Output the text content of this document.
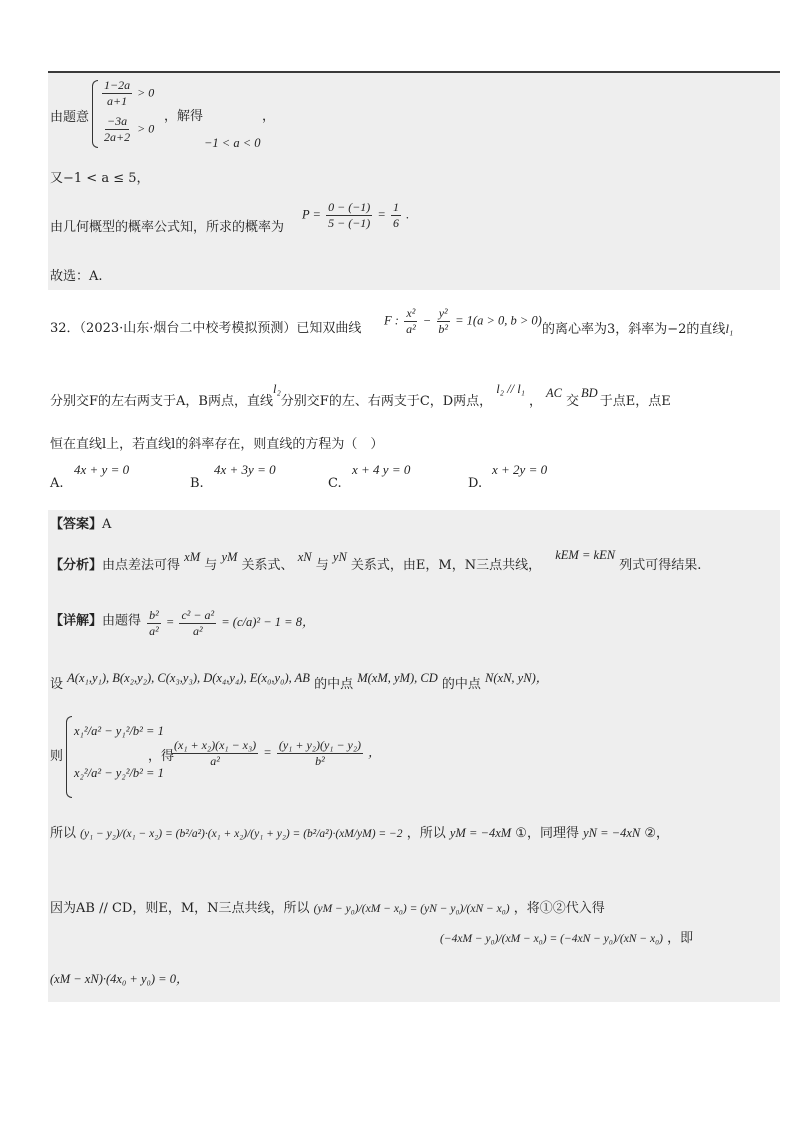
由题意
$\frac{1-2a}{a+1} > 0$
$\frac{-3a}{2a+2} > 0$
，解得	，
−1 < a < 0
又−1 < a ≤ 5，
由几何概型的概率公式知，所求的概率为
$P = \frac{0 - (-1)}{5 - (-1)} = \frac{1}{6}$ .
故选：A.
32．（2023·山东·烟台二中校考模拟预测）已知双曲线
F : $\frac{\text{x²}}{\text{a²}} - \frac{\text{y²}}{\text{b²}} = 1(a > 0$, b > 0)
的离心率为3，斜率为−2的直线l₁
分别交F的左右两支于A，B两点，直线l₂分别交F的左、右两支于C，D两点，l₂ // l₁，AC交BD于点E，点E
恒在直线l上，若直线l的斜率存在，则直线的方程为（　）
A.
4x + y = 0
B.
4x + 3y = 0
C.
x + 4 y = 0
D.
x + 2y = 0
【答案】A
【分析】由点差法可得 xM 与 yM 关系式、 xN 与 yN 关系式，由E，M，N三点共线， kEM = kEN 列式可得结果.
【详解】由题得 $\frac{\text{b²}}{\text{a²}} = \frac{\text{c² − a²}}{\text{a²}} = (c/a)^2 - 1 = 8$，
设 A(x₁,y₁), B(x₂,y₂), C(x₃,y₃), D(x₄,y₄), E(x₀,y₀), AB 的中点 M(xM, yM), CD 的中点 N(xN, yN)，
则
x₁²/a² − y₁²/b² = 1
x₂²/a² − y₂²/b² = 1
，得
$\frac{\text{(x₁ + x₂)(x₁ − x₃)}}{\text{a²}} = \frac{\text{(y₁ + y₂)(y₁ − y₂)}}{\text{b²}}$ ，
所以 (y₁ − y₂)/(x₁ − x₂) = (b²/a²)·(x₁ + x₂)/(y₁ + y₂) = (b²/a²)·(xM/yM) = −2 ，所以 yM = −4xM ①，同理得 yN = −4xN ②，
因为AB // CD，则E，M，N三点共线，所以 (yM − y₀)/(xM − x₀) = (yN − y₀)/(xN − x₀) ，将①②代入得
(−4xM − y₀)/(xM − x₀) = (−4xN − y₀)/(xN − x₀) ，即
(xM − xN)·(4x₀ + y₀) = 0，
